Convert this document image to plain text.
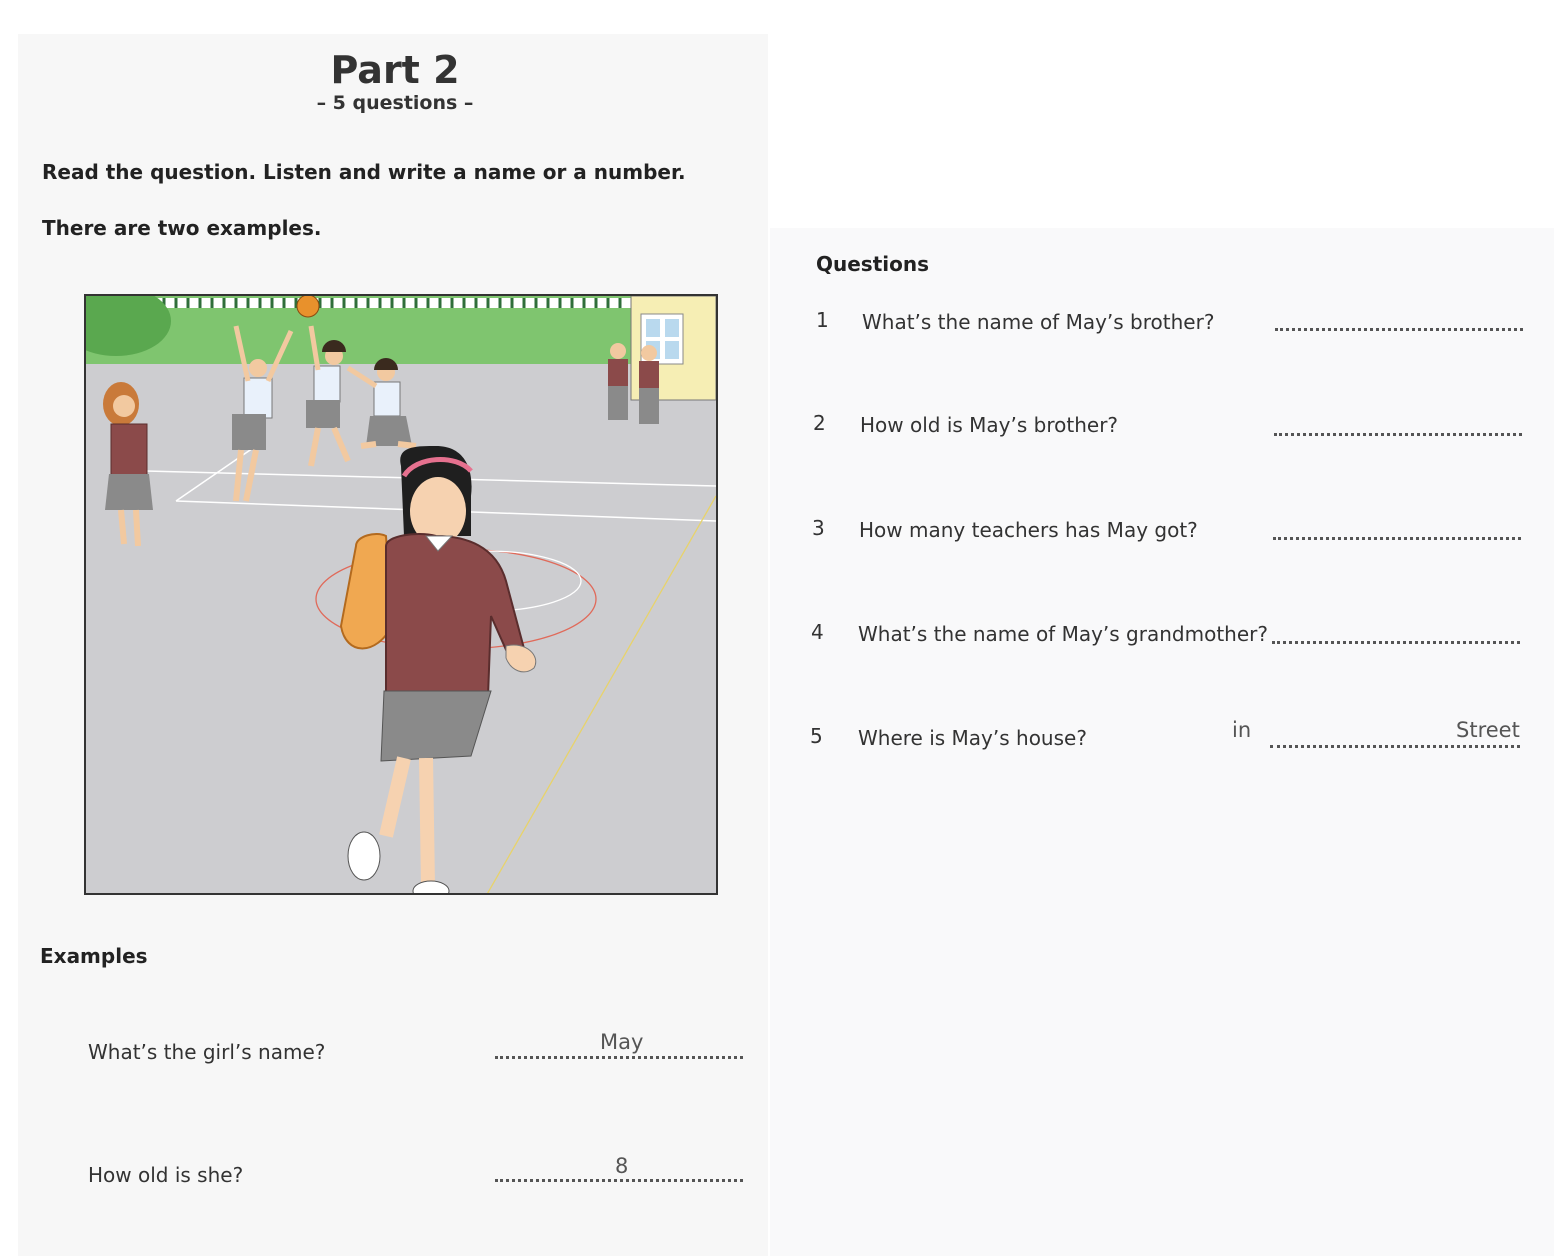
Part 2
– 5 questions –
Read the question. Listen and write a name or a number.
There are two examples.
Examples
What’s the girl’s name?	May
How old is she?	8
Questions
1 What’s the name of May’s brother?
2 How old is May’s brother?
3 How many teachers has May got?
4 What’s the name of May’s grandmother?
5 Where is May’s house?	in	Street
